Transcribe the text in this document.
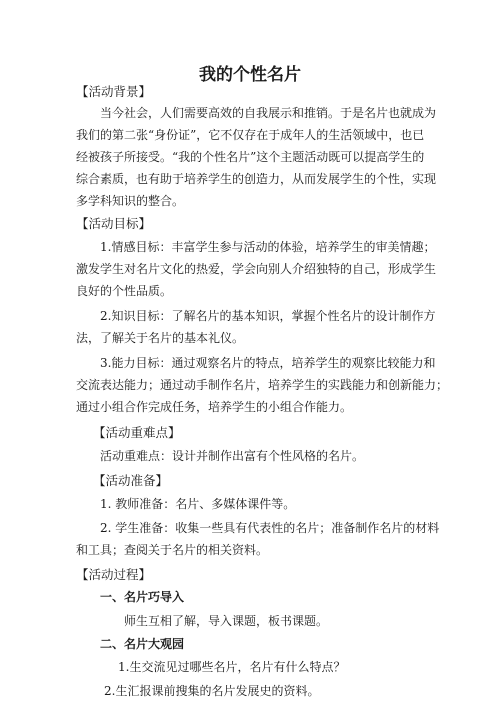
我的个性名片
【活动背景】
当今社会，人们需要高效的自我展示和推销。于是名片也就成为
我们的第二张“身份证”，它不仅存在于成年人的生活领域中，也已
经被孩子所接受。“我的个性名片”这个主题活动既可以提高学生的
综合素质，也有助于培养学生的创造力，从而发展学生的个性，实现
多学科知识的整合。
【活动目标】
1.情感目标：丰富学生参与活动的体验，培养学生的审美情趣；
激发学生对名片文化的热爱，学会向别人介绍独特的自己，形成学生
良好的个性品质。
2.知识目标：了解名片的基本知识，掌握个性名片的设计制作方
法，了解关于名片的基本礼仪。
3.能力目标：通过观察名片的特点，培养学生的观察比较能力和
交流表达能力；通过动手制作名片，培养学生的实践能力和创新能力；
通过小组合作完成任务，培养学生的小组合作能力。
【活动重难点】
活动重难点：设计并制作出富有个性风格的名片。
【活动准备】
1. 教师准备：名片、多媒体课件等。
2. 学生准备：收集一些具有代表性的名片；准备制作名片的材料
和工具；查阅关于名片的相关资料。
【活动过程】
一、名片巧导入
师生互相了解，导入课题，板书课题。
二、名片大观园
1.生交流见过哪些名片，名片有什么特点？
2.生汇报课前搜集的名片发展史的资料。
